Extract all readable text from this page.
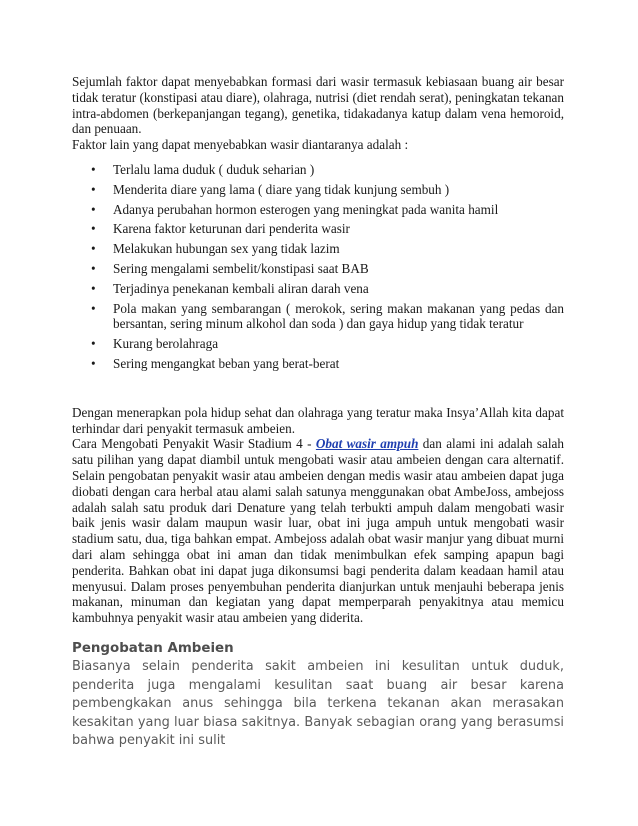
Sejumlah faktor dapat menyebabkan formasi dari wasir termasuk kebiasaan buang air besar tidak teratur (konstipasi atau diare), olahraga, nutrisi (diet rendah serat), peningkatan tekanan intra-abdomen (berkepanjangan tegang), genetika, tidakadanya katup dalam vena hemoroid, dan penuaan.

Faktor lain yang dapat menyebabkan wasir diantaranya adalah :

• Terlalu lama duduk ( duduk seharian )
• Menderita diare yang lama ( diare yang tidak kunjung sembuh )
• Adanya perubahan hormon esterogen yang meningkat pada wanita hamil
• Karena faktor keturunan dari penderita wasir
• Melakukan hubungan sex yang tidak lazim
• Sering mengalami sembelit/konstipasi saat BAB
• Terjadinya penekanan kembali aliran darah vena
• Pola makan yang sembarangan ( merokok, sering makan makanan yang pedas dan bersantan, sering minum alkohol dan soda ) dan gaya hidup yang tidak teratur
• Kurang berolahraga
• Sering mengangkat beban yang berat-berat

Dengan menerapkan pola hidup sehat dan olahraga yang teratur maka Insya’Allah kita dapat terhindar dari penyakit termasuk ambeien.

Cara Mengobati Penyakit Wasir Stadium 4 - Obat wasir ampuh dan alami ini adalah salah satu pilihan yang dapat diambil untuk mengobati wasir atau ambeien dengan cara alternatif. Selain pengobatan penyakit wasir atau ambeien dengan medis wasir atau ambeien dapat juga diobati dengan cara herbal atau alami salah satunya menggunakan obat AmbeJoss, ambejoss adalah salah satu produk dari Denature yang telah terbukti ampuh dalam mengobati wasir baik jenis wasir dalam maupun wasir luar, obat ini juga ampuh untuk mengobati wasir stadium satu, dua, tiga bahkan empat. Ambejoss adalah obat wasir manjur yang dibuat murni dari alam sehingga obat ini aman dan tidak menimbulkan efek samping apapun bagi penderita. Bahkan obat ini dapat juga dikonsumsi bagi penderita dalam keadaan hamil atau menyusui. Dalam proses penyembuhan penderita dianjurkan untuk menjauhi beberapa jenis makanan, minuman dan kegiatan yang dapat memperparah penyakitnya atau memicu kambuhnya penyakit wasir atau ambeien yang diderita.

Pengobatan Ambeien

Biasanya selain penderita sakit ambeien ini kesulitan untuk duduk, penderita juga mengalami kesulitan saat buang air besar karena pembengkakan anus sehingga bila terkena tekanan akan merasakan kesakitan yang luar biasa sakitnya. Banyak sebagian orang yang berasumsi bahwa penyakit ini sulit
